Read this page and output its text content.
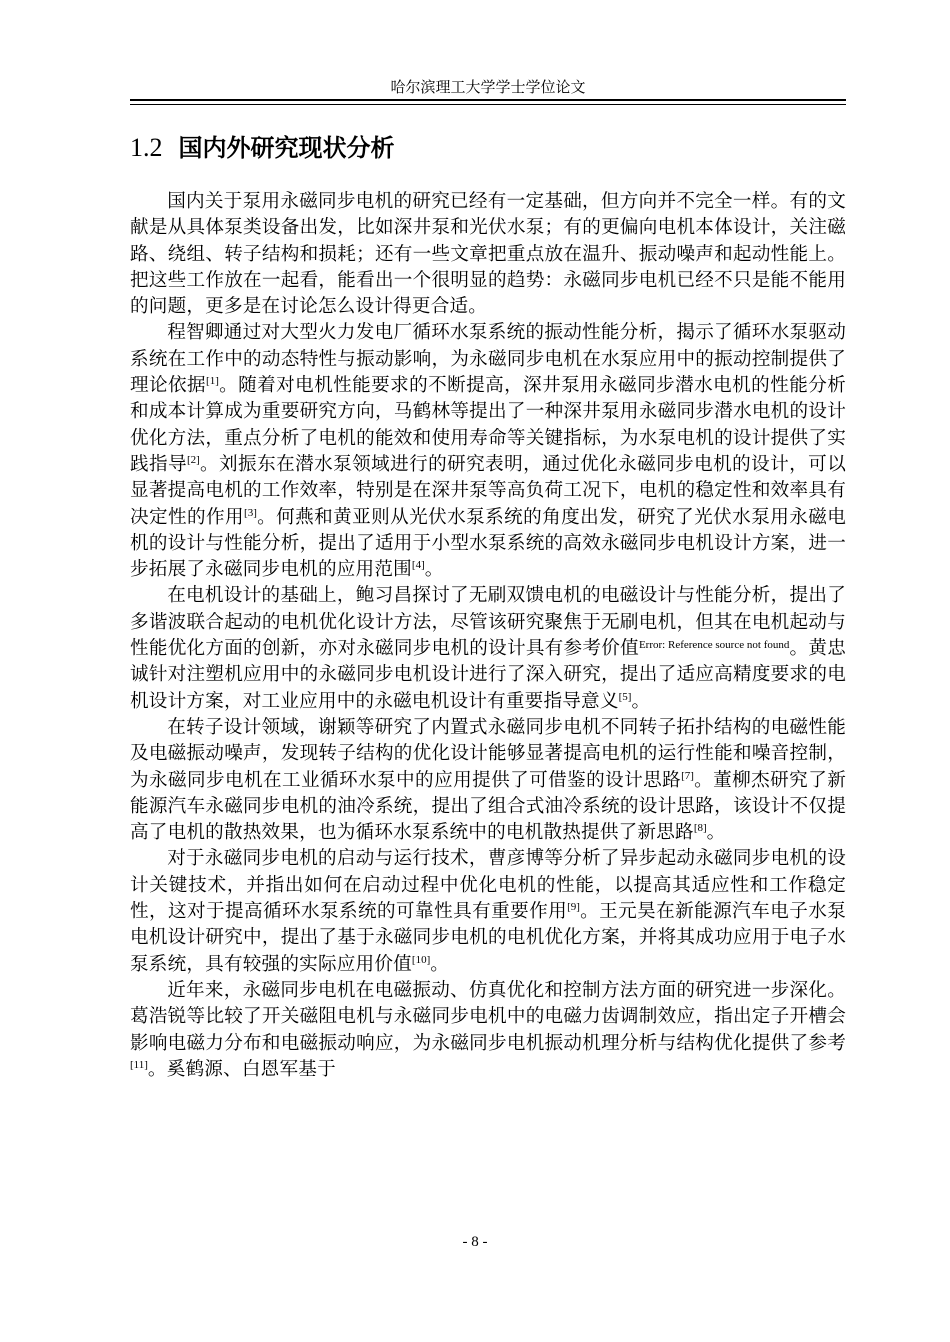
哈尔滨理工大学学士学位论文
1.2 国内外研究现状分析

国内关于泵用永磁同步电机的研究已经有一定基础，但方向并不完全一样。有的文献是从具体泵类设备出发，比如深井泵和光伏水泵；有的更偏向电机本体设计，关注磁路、绕组、转子结构和损耗；还有一些文章把重点放在温升、振动噪声和起动性能上。把这些工作放在一起看，能看出一个很明显的趋势：永磁同步电机已经不只是能不能用的问题，更多是在讨论怎么设计得更合适。

程智卿通过对大型火力发电厂循环水泵系统的振动性能分析，揭示了循环水泵驱动系统在工作中的动态特性与振动影响，为永磁同步电机在水泵应用中的振动控制提供了理论依据[1]。随着对电机性能要求的不断提高，深井泵用永磁同步潜水电机的性能分析和成本计算成为重要研究方向，马鹤林等提出了一种深井泵用永磁同步潜水电机的设计优化方法，重点分析了电机的能效和使用寿命等关键指标，为水泵电机的设计提供了实践指导[2]。刘振东在潜水泵领域进行的研究表明，通过优化永磁同步电机的设计，可以显著提高电机的工作效率，特别是在深井泵等高负荷工况下，电机的稳定性和效率具有决定性的作用[3]。何燕和黄亚则从光伏水泵系统的角度出发，研究了光伏水泵用永磁电机的设计与性能分析，提出了适用于小型水泵系统的高效永磁同步电机设计方案，进一步拓展了永磁同步电机的应用范围[4]。

在电机设计的基础上，鲍习昌探讨了无刷双馈电机的电磁设计与性能分析，提出了多谐波联合起动的电机优化设计方法，尽管该研究聚焦于无刷电机，但其在电机起动与性能优化方面的创新，亦对永磁同步电机的设计具有参考价值$^{Error: Reference source not found}$。黄忠诚针对注塑机应用中的永磁同步电机设计进行了深入研究，提出了适应高精度要求的电机设计方案，对工业应用中的永磁电机设计有重要指导意义[5]。

在转子设计领域，谢颖等研究了内置式永磁同步电机不同转子拓扑结构的电磁性能及电磁振动噪声，发现转子结构的优化设计能够显著提高电机的运行性能和噪音控制，为永磁同步电机在工业循环水泵中的应用提供了可借鉴的设计思路[7]。董柳杰研究了新能源汽车永磁同步电机的油冷系统，提出了组合式油冷系统的设计思路，该设计不仅提高了电机的散热效果，也为循环水泵系统中的电机散热提供了新思路[8]。

对于永磁同步电机的启动与运行技术，曹彦博等分析了异步起动永磁同步电机的设计关键技术，并指出如何在启动过程中优化电机的性能，以提高其适应性和工作稳定性，这对于提高循环水泵系统的可靠性具有重要作用[9]。王元昊在新能源汽车电子水泵电机设计研究中，提出了基于永磁同步电机的电机优化方案，并将其成功应用于电子水泵系统，具有较强的实际应用价值[10]。

近年来，永磁同步电机在电磁振动、仿真优化和控制方法方面的研究进一步深化。葛浩锐等比较了开关磁阻电机与永磁同步电机中的电磁力齿调制效应，指出定子开槽会影响电磁力分布和电磁振动响应，为永磁同步电机振动机理分析与结构优化提供了参考[11]。奚鹤源、白恩军基于

- 8 -
